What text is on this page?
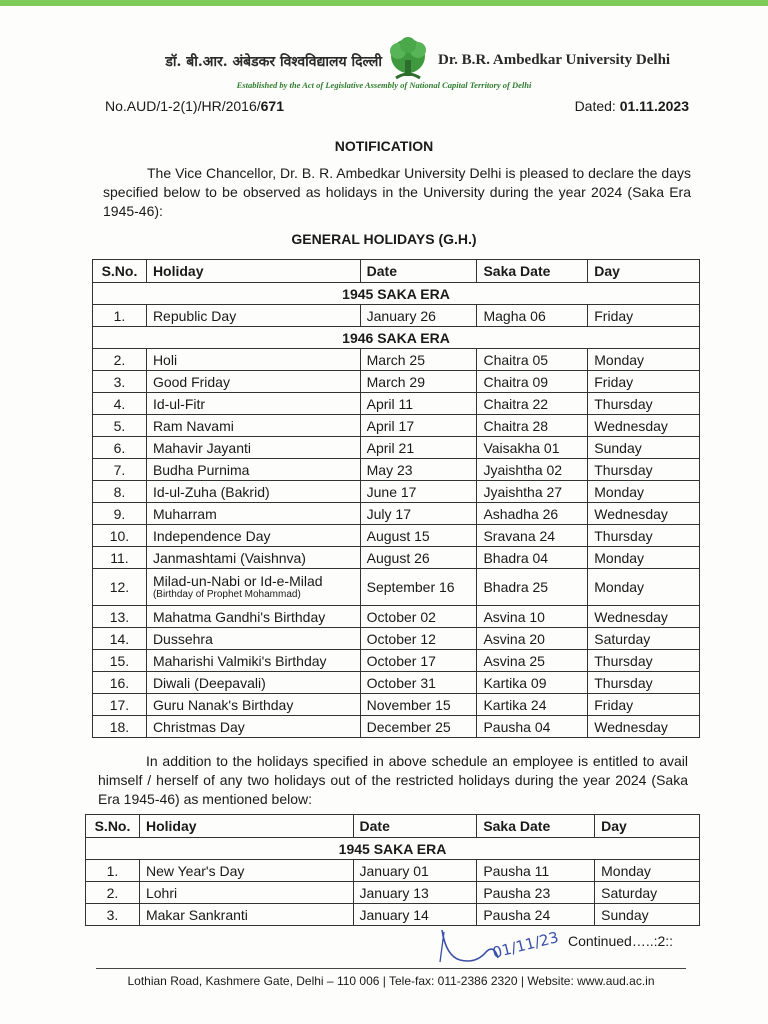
डॉ. बी.आर. अंबेडकर विश्वविद्यालय दिल्ली	Dr. B.R. Ambedkar University Delhi
Established by the Act of Legislative Assembly of National Capital Territory of Delhi
No.AUD/1-2(1)/HR/2016/671	Dated: 01.11.2023
NOTIFICATION
The Vice Chancellor, Dr. B. R. Ambedkar University Delhi is pleased to declare the days specified below to be observed as holidays in the University during the year 2024 (Saka Era 1945-46):
GENERAL HOLIDAYS (G.H.)
S.No.	Holiday	Date	Saka Date	Day
1945 SAKA ERA				
1.	Republic Day	January 26	Magha 06	Friday
1946 SAKA ERA				
2.	Holi	March 25	Chaitra 05	Monday
3.	Good Friday	March 29	Chaitra 09	Friday
4.	Id-ul-Fitr	April 11	Chaitra 22	Thursday
5.	Ram Navami	April 17	Chaitra 28	Wednesday
6.	Mahavir Jayanti	April 21	Vaisakha 01	Sunday
7.	Budha Purnima	May 23	Jyaishtha 02	Thursday
8.	Id-ul-Zuha (Bakrid)	June 17	Jyaishtha 27	Monday
9.	Muharram	July 17	Ashadha 26	Wednesday
10.	Independence Day	August 15	Sravana 24	Thursday
11.	Janmashtami (Vaishnva)	August 26	Bhadra 04	Monday
12.	Milad-un-Nabi or Id-e-Milad
(Birthday of Prophet Mohammad)	September 16	Bhadra 25	Monday
13.	Mahatma Gandhi's Birthday	October 02	Asvina 10	Wednesday
14.	Dussehra	October 12	Asvina 20	Saturday
15.	Maharishi Valmiki's Birthday	October 17	Asvina 25	Thursday
16.	Diwali (Deepavali)	October 31	Kartika 09	Thursday
17.	Guru Nanak's Birthday	November 15	Kartika 24	Friday
18.	Christmas Day	December 25	Pausha 04	Wednesday
In addition to the holidays specified in above schedule an employee is entitled to avail himself / herself of any two holidays out of the restricted holidays during the year 2024 (Saka Era 1945-46) as mentioned below:
S.No.	Holiday	Date	Saka Date	Day
1945 SAKA ERA				
1.	New Year's Day	January 01	Pausha 11	Monday
2.	Lohri	January 13	Pausha 23	Saturday
3.	Makar Sankranti	January 14	Pausha 24	Sunday
01/11/23 Continued…..:2::
Lothian Road, Kashmere Gate, Delhi – 110 006 | Tele-fax: 011-2386 2320 | Website: www.aud.ac.in
